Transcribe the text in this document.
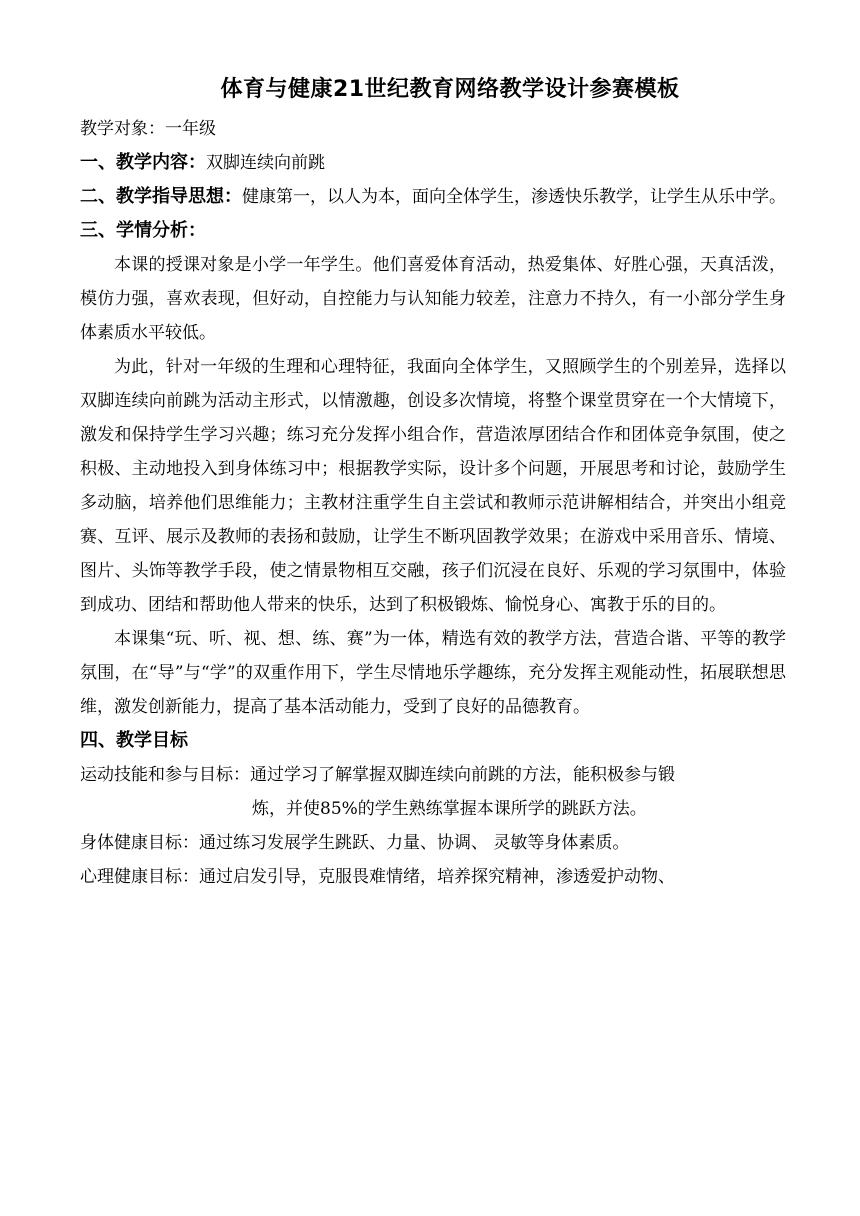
体育与健康21世纪教育网络教学设计参赛模板

教学对象：一年级

一、教学内容：双脚连续向前跳

二、教学指导思想：健康第一，以人为本，面向全体学生，渗透快乐教学，让学生从乐中学。

三、学情分析：

本课的授课对象是小学一年学生。他们喜爱体育活动，热爱集体、好胜心强，天真活泼，模仿力强，喜欢表现，但好动，自控能力与认知能力较差，注意力不持久，有一小部分学生身体素质水平较低。

为此，针对一年级的生理和心理特征，我面向全体学生，又照顾学生的个别差异，选择以双脚连续向前跳为活动主形式，以情激趣，创设多次情境，将整个课堂贯穿在一个大情境下，激发和保持学生学习兴趣；练习充分发挥小组合作，营造浓厚团结合作和团体竞争氛围，使之积极、主动地投入到身体练习中；根据教学实际，设计多个问题，开展思考和讨论，鼓励学生多动脑，培养他们思维能力；主教材注重学生自主尝试和教师示范讲解相结合，并突出小组竞赛、互评、展示及教师的表扬和鼓励，让学生不断巩固教学效果；在游戏中采用音乐、情境、图片、头饰等教学手段，使之情景物相互交融，孩子们沉浸在良好、乐观的学习氛围中，体验到成功、团结和帮助他人带来的快乐，达到了积极锻炼、愉悦身心、寓教于乐的目的。

本课集“玩、听、视、想、练、赛”为一体，精选有效的教学方法，营造合谐、平等的教学氛围，在“导”与“学”的双重作用下，学生尽情地乐学趣练，充分发挥主观能动性，拓展联想思维，激发创新能力，提高了基本活动能力，受到了良好的品德教育。

四、教学目标

运动技能和参与目标：通过学习了解掌握双脚连续向前跳的方法，能积极参与锻

炼，并使85%的学生熟练掌握本课所学的跳跃方法。

身体健康目标：通过练习发展学生跳跃、力量、协调、 灵敏等身体素质。

心理健康目标：通过启发引导，克服畏难情绪，培养探究精神，渗透爱护动物、
